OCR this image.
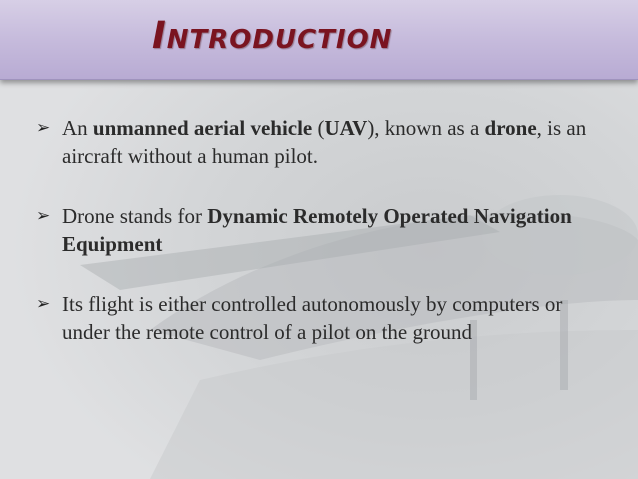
Introduction
➢ An unmanned aerial vehicle (UAV), known as a drone, is an aircraft without a human pilot.
➢ Drone stands for Dynamic Remotely Operated Navigation Equipment
➢ Its flight is either controlled autonomously by computers or under the remote control of a pilot on the ground
